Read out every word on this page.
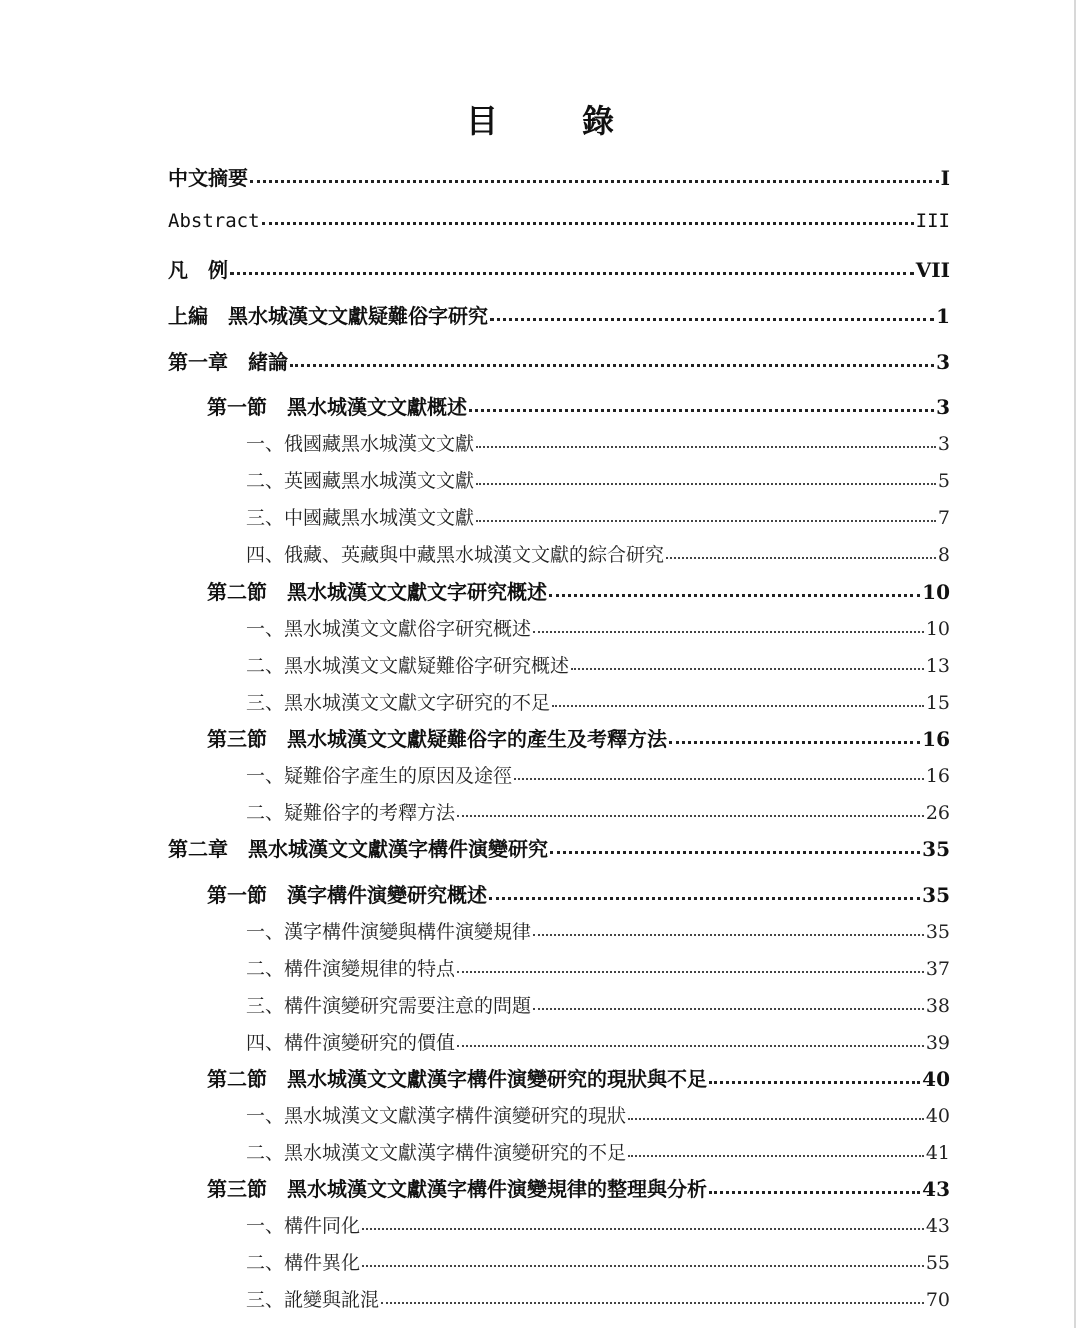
目　錄
中文摘要	I
Abstract	III
凡　例	VII
上編　黑水城漢文文獻疑難俗字研究	1
第一章　緒論	3
第一節　黑水城漢文文獻概述	3
一、俄國藏黑水城漢文文獻	3
二、英國藏黑水城漢文文獻	5
三、中國藏黑水城漢文文獻	7
四、俄藏、英藏與中藏黑水城漢文文獻的綜合研究	8
第二節　黑水城漢文文獻文字研究概述	10
一、黑水城漢文文獻俗字研究概述	10
二、黑水城漢文文獻疑難俗字研究概述	13
三、黑水城漢文文獻文字研究的不足	15
第三節　黑水城漢文文獻疑難俗字的產生及考釋方法	16
一、疑難俗字產生的原因及途徑	16
二、疑難俗字的考釋方法	26
第二章　黑水城漢文文獻漢字構件演變研究	35
第一節　漢字構件演變研究概述	35
一、漢字構件演變與構件演變規律	35
二、構件演變規律的特点	37
三、構件演變研究需要注意的問題	38
四、構件演變研究的價值	39
第二節　黑水城漢文文獻漢字構件演變研究的現狀與不足	40
一、黑水城漢文文獻漢字構件演變研究的現狀	40
二、黑水城漢文文獻漢字構件演變研究的不足	41
第三節　黑水城漢文文獻漢字構件演變規律的整理與分析	43
一、構件同化	43
二、構件異化	55
三、訛變與訛混	70
